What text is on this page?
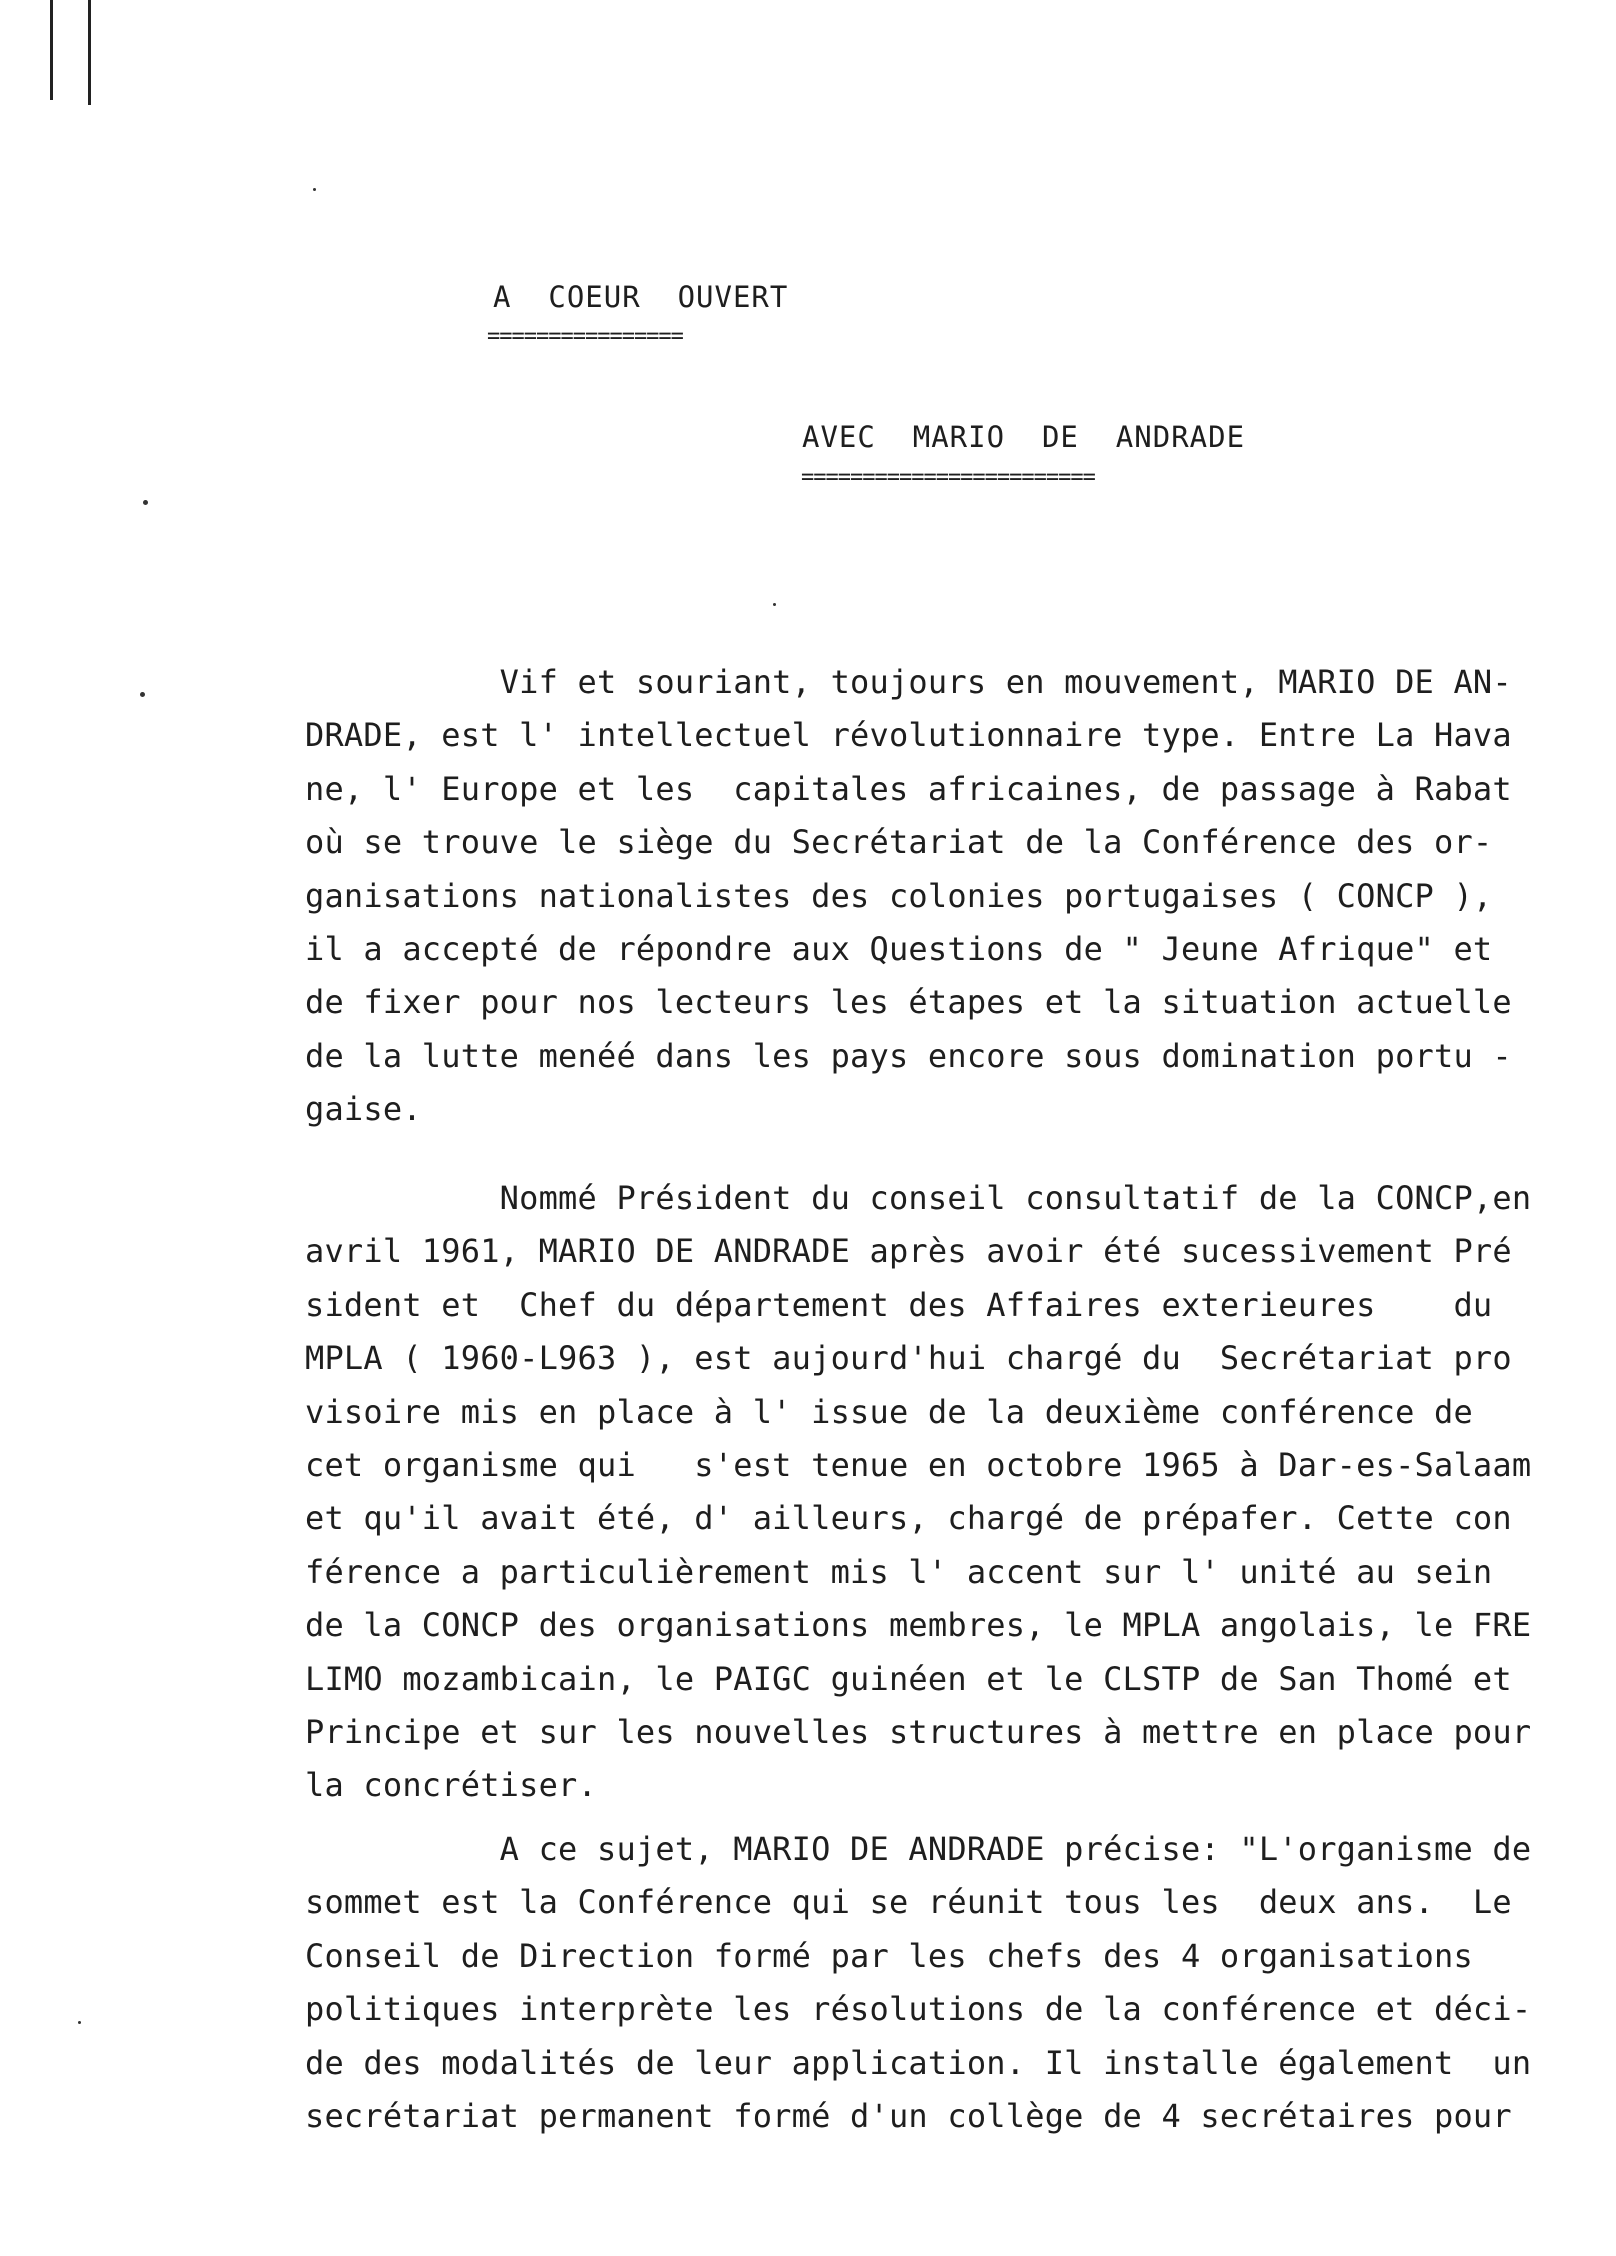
A  COEUR  OUVERT
================
AVEC  MARIO  DE  ANDRADE
========================
Vif et souriant, toujours en mouvement, MARIO DE AN-
DRADE, est l' intellectuel révolutionnaire type. Entre La Hava
ne, l' Europe et les  capitales africaines, de passage à Rabat
où se trouve le siège du Secrétariat de la Conférence des or-
ganisations nationalistes des colonies portugaises ( CONCP ),
il a accepté de répondre aux Questions de " Jeune Afrique" et
de fixer pour nos lecteurs les étapes et la situation actuelle
de la lutte menéé dans les pays encore sous domination portu -
gaise.
Nommé Président du conseil consultatif de la CONCP,en
avril 1961, MARIO DE ANDRADE après avoir été sucessivement Pré
sident et  Chef du département des Affaires exterieures    du
MPLA ( 1960-L963 ), est aujourd'hui chargé du  Secrétariat pro
visoire mis en place à l' issue de la deuxième conférence de
cet organisme qui   s'est tenue en octobre 1965 à Dar-es-Salaam
et qu'il avait été, d' ailleurs, chargé de prépafer. Cette con
férence a particulièrement mis l' accent sur l' unité au sein
de la CONCP des organisations membres, le MPLA angolais, le FRE
LIMO mozambicain, le PAIGC guinéen et le CLSTP de San Thomé et
Principe et sur les nouvelles structures à mettre en place pour
la concrétiser.
A ce sujet, MARIO DE ANDRADE précise: "L'organisme de
sommet est la Conférence qui se réunit tous les  deux ans.  Le
Conseil de Direction formé par les chefs des 4 organisations
politiques interprète les résolutions de la conférence et déci-
de des modalités de leur application. Il installe également  un
secrétariat permanent formé d'un collège de 4 secrétaires pour
